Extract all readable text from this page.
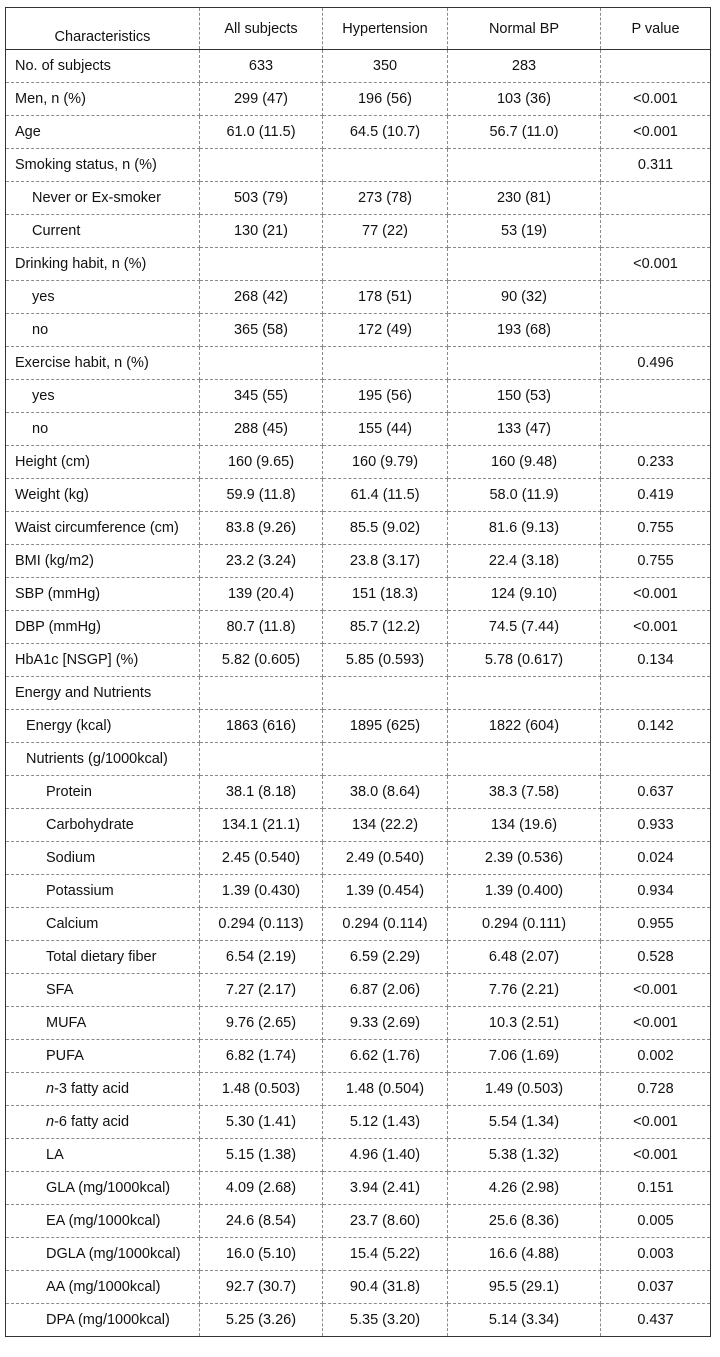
Characteristics	All subjects	Hypertension	Normal BP	P value
No. of subjects	633	350	283	
Men, n (%)	299 (47)	196 (56)	103 (36)	<0.001
Age	61.0 (11.5)	64.5 (10.7)	56.7 (11.0)	<0.001
Smoking status, n (%)				0.311
Never or Ex-smoker	503 (79)	273 (78)	230 (81)	
Current	130 (21)	77 (22)	53 (19)	
Drinking habit, n (%)				<0.001
yes	268 (42)	178 (51)	90 (32)	
no	365 (58)	172 (49)	193 (68)	
Exercise habit, n (%)				0.496
yes	345 (55)	195 (56)	150 (53)	
no	288 (45)	155 (44)	133 (47)	
Height (cm)	160 (9.65)	160 (9.79)	160 (9.48)	0.233
Weight (kg)	59.9 (11.8)	61.4 (11.5)	58.0 (11.9)	0.419
Waist circumference (cm)	83.8 (9.26)	85.5 (9.02)	81.6 (9.13)	0.755
BMI (kg/m2)	23.2 (3.24)	23.8 (3.17)	22.4 (3.18)	0.755
SBP (mmHg)	139 (20.4)	151 (18.3)	124 (9.10)	<0.001
DBP (mmHg)	80.7 (11.8)	85.7 (12.2)	74.5 (7.44)	<0.001
HbA1c [NSGP] (%)	5.82 (0.605)	5.85 (0.593)	5.78 (0.617)	0.134
Energy and Nutrients				
Energy (kcal)	1863 (616)	1895 (625)	1822 (604)	0.142
Nutrients (g/1000kcal)				
Protein	38.1 (8.18)	38.0 (8.64)	38.3 (7.58)	0.637
Carbohydrate	134.1 (21.1)	134 (22.2)	134 (19.6)	0.933
Sodium	2.45 (0.540)	2.49 (0.540)	2.39 (0.536)	0.024
Potassium	1.39 (0.430)	1.39 (0.454)	1.39 (0.400)	0.934
Calcium	0.294 (0.113)	0.294 (0.114)	0.294 (0.111)	0.955
Total dietary fiber	6.54 (2.19)	6.59 (2.29)	6.48 (2.07)	0.528
SFA	7.27 (2.17)	6.87 (2.06)	7.76 (2.21)	<0.001
MUFA	9.76 (2.65)	9.33 (2.69)	10.3 (2.51)	<0.001
PUFA	6.82 (1.74)	6.62 (1.76)	7.06 (1.69)	0.002
n-3 fatty acid	1.48 (0.503)	1.48 (0.504)	1.49 (0.503)	0.728
n-6 fatty acid	5.30 (1.41)	5.12 (1.43)	5.54 (1.34)	<0.001
LA	5.15 (1.38)	4.96 (1.40)	5.38 (1.32)	<0.001
GLA (mg/1000kcal)	4.09 (2.68)	3.94 (2.41)	4.26 (2.98)	0.151
EA (mg/1000kcal)	24.6 (8.54)	23.7 (8.60)	25.6 (8.36)	0.005
DGLA (mg/1000kcal)	16.0 (5.10)	15.4 (5.22)	16.6 (4.88)	0.003
AA (mg/1000kcal)	92.7 (30.7)	90.4 (31.8)	95.5 (29.1)	0.037
DPA (mg/1000kcal)	5.25 (3.26)	5.35 (3.20)	5.14 (3.34)	0.437
